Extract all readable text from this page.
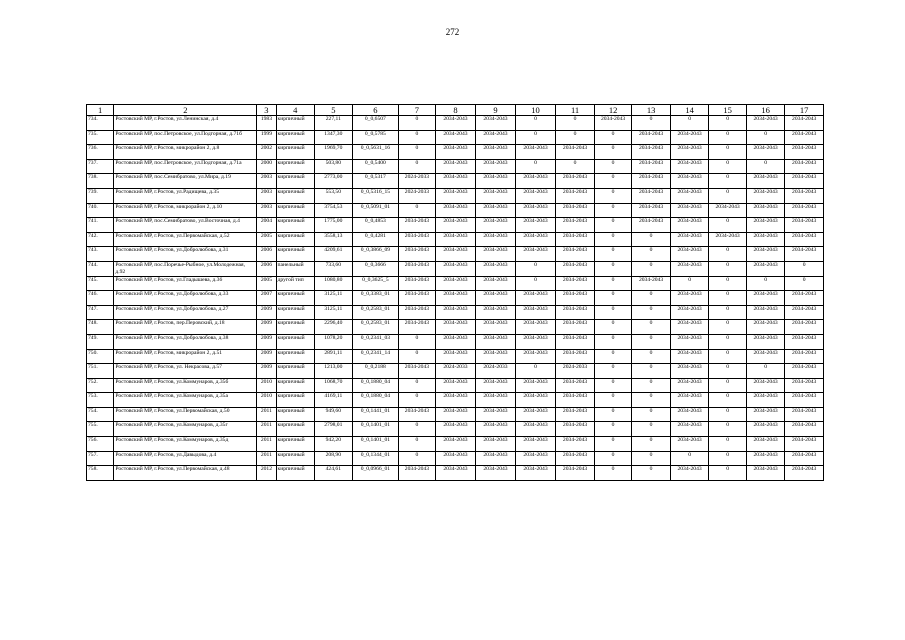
272
1	2	3	4	5	6	7	8	9	10	11	12	13	14	15	16	17
734.	Ростовский МР, г.Ростов, ул.Ленинская, д.4	1983	кирпичный	227,11	0_0,6507	0	2034-2043	2034-2043	0	0	2034-2043	0	0	0	2034-2043	2034-2043
735.	Ростовский МР, пос.Петровское, ул.Подгорная, д.71б	1999	кирпичный	1347,30	0_0,5785	0	2034-2043	2034-2043	0	0	0	2034-2043	2034-2043	0	0	2034-2043
736.	Ростовский МР, г.Ростов, микрорайон 2, д.8	2002	кирпичный	1969,70	0_0,5631_16	0	2034-2043	2034-2043	2034-2043	2034-2043	0	2034-2043	2034-2043	0	2034-2043	2034-2043
737.	Ростовский МР, пос.Петровское, ул.Подгорная, д.71а	2000	кирпичный	503,80	0_0,5400	0	2034-2043	2034-2043	0	0	0	2034-2043	2034-2043	0	0	2034-2043
738.	Ростовский МР, пос.Семибратово, ул.Мира, д.19	2003	кирпичный	2773,00	0_0,5317	2024-2033	2034-2043	2034-2043	2034-2043	2034-2043	0	2034-2043	2034-2043	0	2034-2043	2034-2043
739.	Ростовский МР, г.Ростов, ул.Радищева, д.35	2003	кирпичный	553,50	0_0,5316_15	2024-2033	2034-2043	2034-2043	2034-2043	2034-2043	0	2034-2043	2034-2043	0	2034-2043	2034-2043
740.	Ростовский МР, г.Ростов, микрорайон 2, д.10	2003	кирпичный	3754,53	0_0,5091_01	0	2034-2043	2034-2043	2034-2043	2034-2043	0	2034-2043	2034-2043	2034-2043	2034-2043	2034-2043
741.	Ростовский МР, пос.Семибратово, ул.Восточная, д.4	2004	кирпичный	1775,00	0_0,4853	2034-2043	2034-2043	2034-2043	2034-2043	2034-2043	0	2034-2043	2034-2043	0	2034-2043	2034-2043
742.	Ростовский МР, г.Ростов, ул.Первомайская, д.52	2005	кирпичный	3558,13	0_0,4281	2034-2043	2034-2043	2034-2043	2034-2043	2034-2043	0	0	2034-2043	2034-2043	2034-2043	2034-2043
743.	Ростовский МР, г.Ростов, ул.Добролюбова, д.31	2006	кирпичный	4209,61	0_0,3866_09	2034-2043	2034-2043	2034-2043	2034-2043	2034-2043	0	0	2034-2043	0	2034-2043	2034-2043
744.	Ростовский МР, пос.Поречье-Рыбное, ул.Молодежная, д.92	2006	панельный	733,60	0_0,3666	2034-2043	2034-2043	2034-2043	0	2034-2043	0	0	2034-2043	0	2034-2043	0
745.	Ростовский МР, г.Ростов, ул.Гладышева, д.36	2005	другой тип	1080,80	0_0,3625_5	2034-2043	2034-2043	2034-2043	0	2034-2043	0	2034-2043	0	0	0	0
746.	Ростовский МР, г.Ростов, ул.Добролюбова, д.33	2007	кирпичный	3125,11	0_0,3383_01	2034-2043	2034-2043	2034-2043	2034-2043	2034-2043	0	0	2034-2043	0	2034-2043	2034-2043
747.	Ростовский МР, г.Ростов, ул.Добролюбова, д.27	2009	кирпичный	3125,11	0_0,2583_01	2034-2043	2034-2043	2034-2043	2034-2043	2034-2043	0	0	2034-2043	0	2034-2043	2034-2043
748.	Ростовский МР, г.Ростов, пер.Перовский, д.18	2009	кирпичный	2296,40	0_0,2583_01	2034-2043	2034-2043	2034-2043	2034-2043	2034-2043	0	0	2034-2043	0	2034-2043	2034-2043
749.	Ростовский МР, г.Ростов, ул.Добролюбова, д.38	2009	кирпичный	1078,20	0_0,2341_03	0	2034-2043	2034-2043	2034-2043	2034-2043	0	0	2034-2043	0	2034-2043	2034-2043
750.	Ростовский МР, г.Ростов, микрорайон 2, д.51	2009	кирпичный	2891,11	0_0,2341_14	0	2034-2043	2034-2043	2034-2043	2034-2043	0	0	2034-2043	0	2034-2043	2034-2043
751.	Ростовский МР, г.Ростов, ул. Некрасова, д.57	2009	кирпичный	1213,00	0_0,2188	2034-2043	2024-2033	2024-2033	0	2024-2033	0	0	2034-2043	0	0	2034-2043
752.	Ростовский МР, г.Ростов, ул.Коммунаров, д.35б	2010	кирпичный	1068,70	0_0,1880_04	0	2034-2043	2034-2043	2034-2043	2034-2043	0	0	2034-2043	0	2034-2043	2034-2043
753.	Ростовский МР, г.Ростов, ул.Коммунаров, д.35а	2010	кирпичный	4169,11	0_0,1880_04	0	2034-2043	2034-2043	2034-2043	2034-2043	0	0	2034-2043	0	2034-2043	2034-2043
754.	Ростовский МР, г.Ростов, ул.Первомайская, д.50	2011	кирпичный	949,60	0_0,1441_01	2034-2043	2034-2043	2034-2043	2034-2043	2034-2043	0	0	2034-2043	0	2034-2043	2034-2043
755.	Ростовский МР, г.Ростов, ул.Коммунаров, д.35г	2011	кирпичный	2798,01	0_0,1401_01	0	2034-2043	2034-2043	2034-2043	2034-2043	0	0	2034-2043	0	2034-2043	2034-2043
756.	Ростовский МР, г.Ростов, ул.Коммунаров, д.35д	2011	кирпичный	942,20	0_0,1401_01	0	2034-2043	2034-2043	2034-2043	2034-2043	0	0	2034-2043	0	2034-2043	2034-2043
757.	Ростовский МР, г.Ростов, ул.Давыдова, д.4	2011	кирпичный	208,90	0_0,1344_01	0	2034-2043	2034-2043	2034-2043	2034-2043	0	0	0	0	2034-2043	2034-2043
758.	Ростовский МР, г.Ростов, ул.Первомайская, д.48	2012	кирпичный	424,61	0_0,0966_01	2034-2043	2034-2043	2034-2043	2034-2043	2034-2043	0	0	2034-2043	0	2034-2043	2034-2043
